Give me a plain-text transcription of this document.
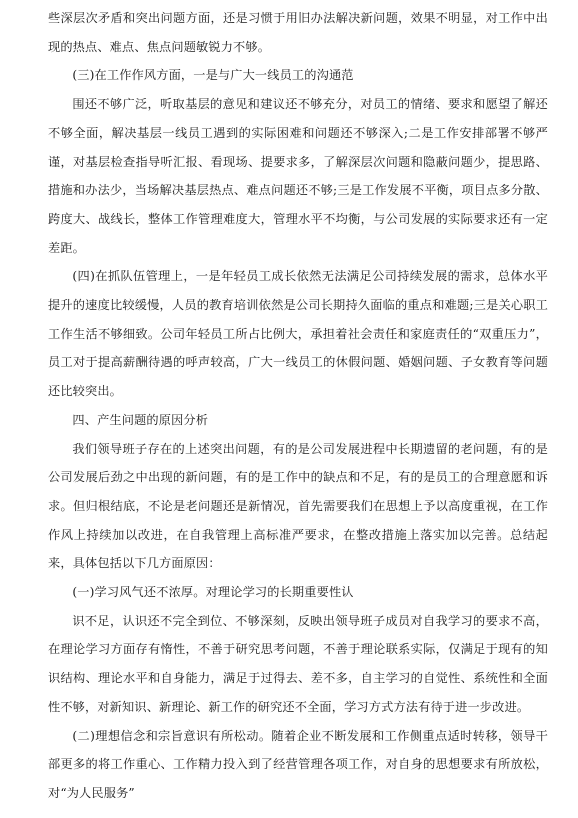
些深层次矛盾和突出问题方面，还是习惯于用旧办法解决新问题，效果不明显，对工作中出现的热点、难点、焦点问题敏锐力不够。

(三)在工作作风方面，一是与广大一线员工的沟通范

围还不够广泛，听取基层的意见和建议还不够充分，对员工的情绪、要求和愿望了解还不够全面，解决基层一线员工遇到的实际困难和问题还不够深入;二是工作安排部署不够严谨，对基层检查指导听汇报、看现场、提要求多，了解深层次问题和隐蔽问题少，提思路、措施和办法少，当场解决基层热点、难点问题还不够;三是工作发展不平衡，项目点多分散、跨度大、战线长，整体工作管理难度大，管理水平不均衡，与公司发展的实际要求还有一定差距。

(四)在抓队伍管理上，一是年轻员工成长依然无法满足公司持续发展的需求，总体水平提升的速度比较缓慢，人员的教育培训依然是公司长期持久面临的重点和难题;三是关心职工工作生活不够细致。公司年轻员工所占比例大，承担着社会责任和家庭责任的“双重压力”，员工对于提高薪酬待遇的呼声较高，广大一线员工的休假问题、婚姻问题、子女教育等问题还比较突出。

四、产生问题的原因分析

我们领导班子存在的上述突出问题，有的是公司发展进程中长期遗留的老问题，有的是公司发展后劲之中出现的新问题，有的是工作中的缺点和不足，有的是员工的合理意愿和诉求。但归根结底，不论是老问题还是新情况，首先需要我们在思想上予以高度重视，在工作作风上持续加以改进，在自我管理上高标准严要求，在整改措施上落实加以完善。总结起来，具体包括以下几方面原因：

(一)学习风气还不浓厚。对理论学习的长期重要性认

识不足，认识还不完全到位、不够深刻，反映出领导班子成员对自我学习的要求不高，在理论学习方面存有惰性，不善于研究思考问题，不善于理论联系实际，仅满足于现有的知识结构、理论水平和自身能力，满足于过得去、差不多，自主学习的自觉性、系统性和全面性不够，对新知识、新理论、新工作的研究还不全面，学习方式方法有待于进一步改进。

(二)理想信念和宗旨意识有所松动。随着企业不断发展和工作侧重点适时转移，领导干部更多的将工作重心、工作精力投入到了经营管理各项工作，对自身的思想要求有所放松，对“为人民服务”
